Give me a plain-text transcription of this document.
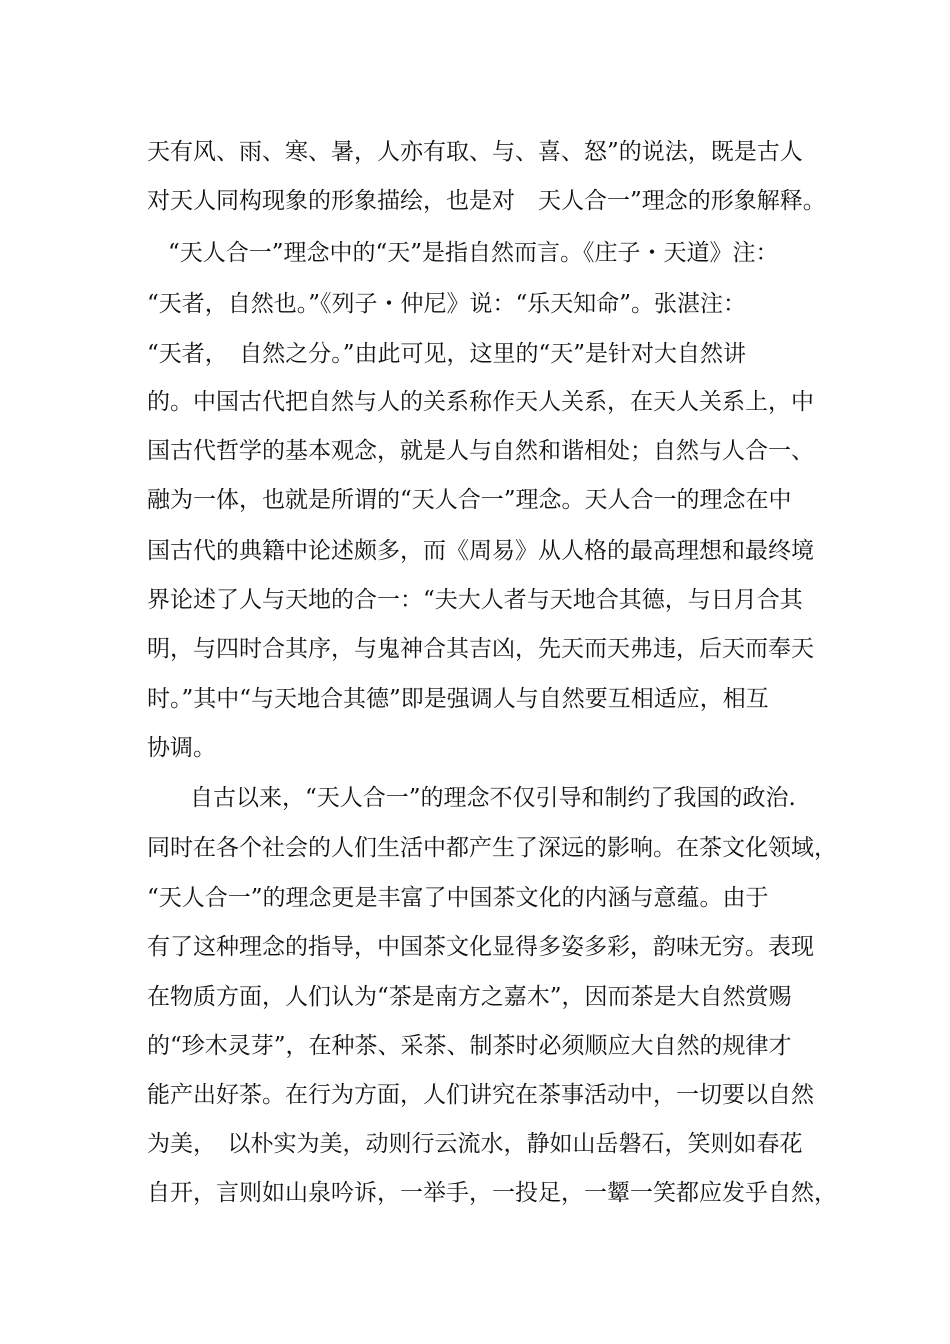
天有风、雨、寒、暑，人亦有取、与、喜、怒”的说法，既是古人
对天人同构现象的形象描绘，也是对　天人合一”理念的形象解释。
“天人合一”理念中的“天”是指自然而言。《庄子・天道》注：
“天者，自然也。”《列子・仲尼》说：“乐天知命”。张湛注：
“天者，　自然之分。”由此可见，这里的“天”是针对大自然讲
的。中国古代把自然与人的关系称作天人关系，在天人关系上，中
国古代哲学的基本观念，就是人与自然和谐相处；自然与人合一、
融为一体，也就是所谓的“天人合一”理念。天人合一的理念在中
国古代的典籍中论述颇多，而《周易》从人格的最高理想和最终境
界论述了人与天地的合一：“夫大人者与天地合其德，与日月合其
明，与四时合其序，与鬼神合其吉凶，先天而天弗违，后天而奉天
时。”其中“与天地合其德”即是强调人与自然要互相适应，相互
协调。
自古以来，“天人合一”的理念不仅引导和制约了我国的政治.
同时在各个社会的人们生活中都产生了深远的影响。在茶文化领域，
“天人合一”的理念更是丰富了中国茶文化的内涵与意蕴。由于
有了这种理念的指导，中国茶文化显得多姿多彩，韵味无穷。表现
在物质方面，人们认为“茶是南方之嘉木”，因而茶是大自然赏赐
的“珍木灵芽”，在种茶、采茶、制茶时必须顺应大自然的规律才
能产出好茶。在行为方面，人们讲究在茶事活动中，一切要以自然
为美，　以朴实为美，动则行云流水，静如山岳磐石，笑则如春花
自开，言则如山泉吟诉，一举手，一投足，一颦一笑都应发乎自然，
